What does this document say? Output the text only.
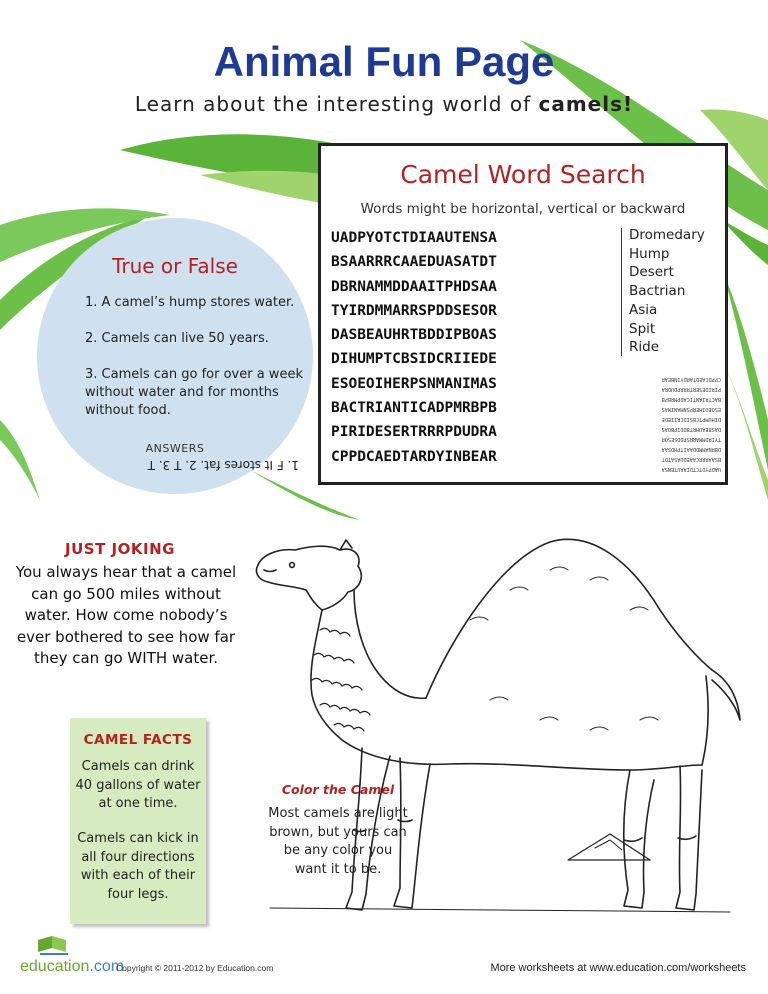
Animal Fun Page
Learn about the interesting world of camels!
Camel Word Search
Words might be horizontal, vertical or backward
UADPYOTCTDIAAUTENSA
BSAARRRCAAEDUASATDT
DBRNAMMDDAAITPHDSAA
TYIRDMMARRSPDDSESOR
DASBEAUHRTBDDIPBOAS
DIHUMPTCBSIDCRIIEDE
ESOEOIHERPSNMANIMAS
BACTRIANTICADPMRBPB
PIRIDESERTRRRPDUDRA
CPPDCAEDTARDYINBEAR
Dromedary
Hump
Desert
Bactrian
Asia
Spit
Ride
UADPYOTCTDIAAUTENSA
BSAARRRCAAEDUASATDT
DBRNAMMDDAAITPHDSAA
TYIRDMMARRSPDDSESOR
DASBEAUHRTBDDIPBOAS
DIHUMPTCBSIDCRIIEDE
ESOEOIHERPSNMANIMAS
BACTRIANTICADPMRBPB
PIRIDESERTRRRPDUDRA
CPPDCAEDTARDYINBEAR
True or False
1. A camel’s hump stores water.
2. Camels can live 50 years.
3. Camels can go for over a week without water and for months without food.
ANSWERS
1. F It stores fat. 2. T 3. T
JUST JOKING
You always hear that a camel can go 500 miles without water. How come nobody’s ever bothered to see how far they can go WITH water.
CAMEL FACTS
Camels can drink 40 gallons of water at one time.
Camels can kick in all four directions with each of their four legs.
Color the Camel
Most camels are light brown, but yours can be any color you want it to be.
education.com
Copyright © 2011-2012 by Education.com	More worksheets at www.education.com/worksheets
